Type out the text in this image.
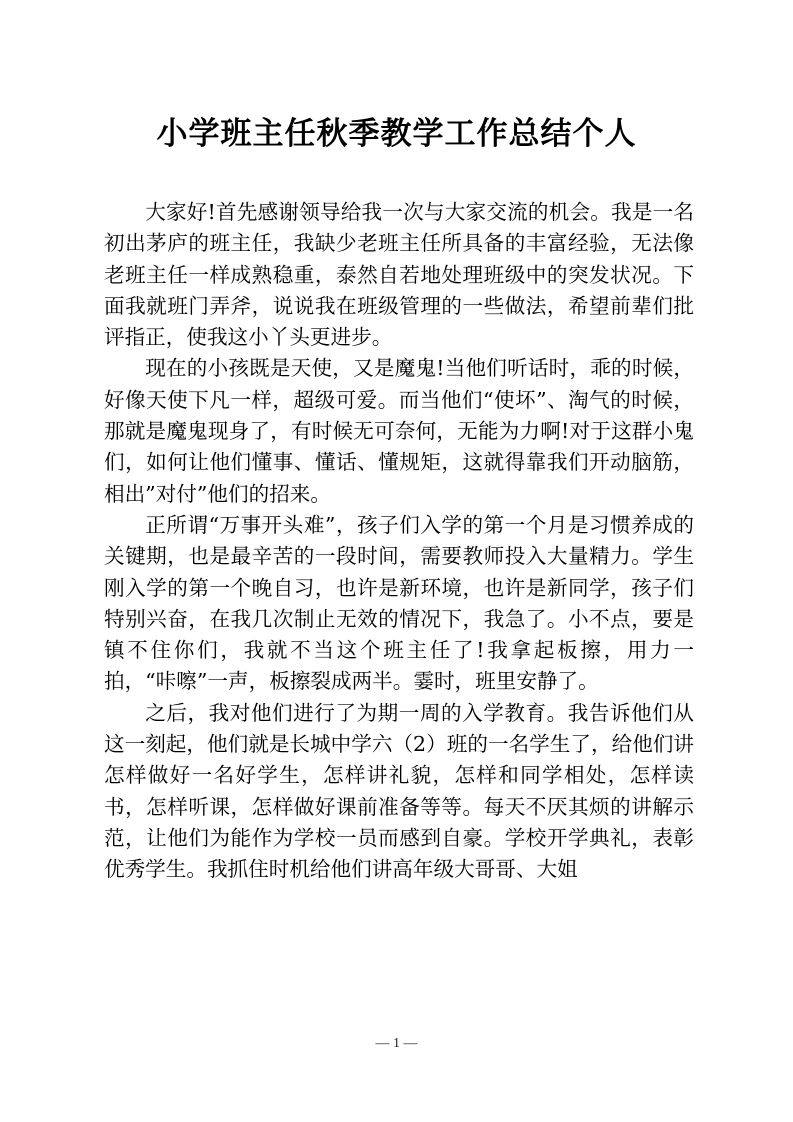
小学班主任秋季教学工作总结个人

大家好!首先感谢领导给我一次与大家交流的机会。我是一名初出茅庐的班主任，我缺少老班主任所具备的丰富经验，无法像老班主任一样成熟稳重，泰然自若地处理班级中的突发状况。下面我就班门弄斧，说说我在班级管理的一些做法，希望前辈们批评指正，使我这小丫头更进步。

现在的小孩既是天使，又是魔鬼!当他们听话时，乖的时候，好像天使下凡一样，超级可爱。而当他们“使坏”、淘气的时候，那就是魔鬼现身了，有时候无可奈何，无能为力啊!对于这群小鬼们，如何让他们懂事、懂话、懂规矩，这就得靠我们开动脑筋，相出”对付”他们的招来。

正所谓“万事开头难”，孩子们入学的第一个月是习惯养成的关键期，也是最辛苦的一段时间，需要教师投入大量精力。学生刚入学的第一个晚自习，也许是新环境，也许是新同学，孩子们特别兴奋，在我几次制止无效的情况下，我急了。小不点，要是镇不住你们，我就不当这个班主任了!我拿起板擦，用力一拍，“咔嚓”一声，板擦裂成两半。霎时，班里安静了。

之后，我对他们进行了为期一周的入学教育。我告诉他们从这一刻起，他们就是长城中学六（2）班的一名学生了，给他们讲怎样做好一名好学生，怎样讲礼貌，怎样和同学相处，怎样读书，怎样听课，怎样做好课前准备等等。每天不厌其烦的讲解示范，让他们为能作为学校一员而感到自豪。学校开学典礼，表彰优秀学生。我抓住时机给他们讲高年级大哥哥、大姐

— 1 —
